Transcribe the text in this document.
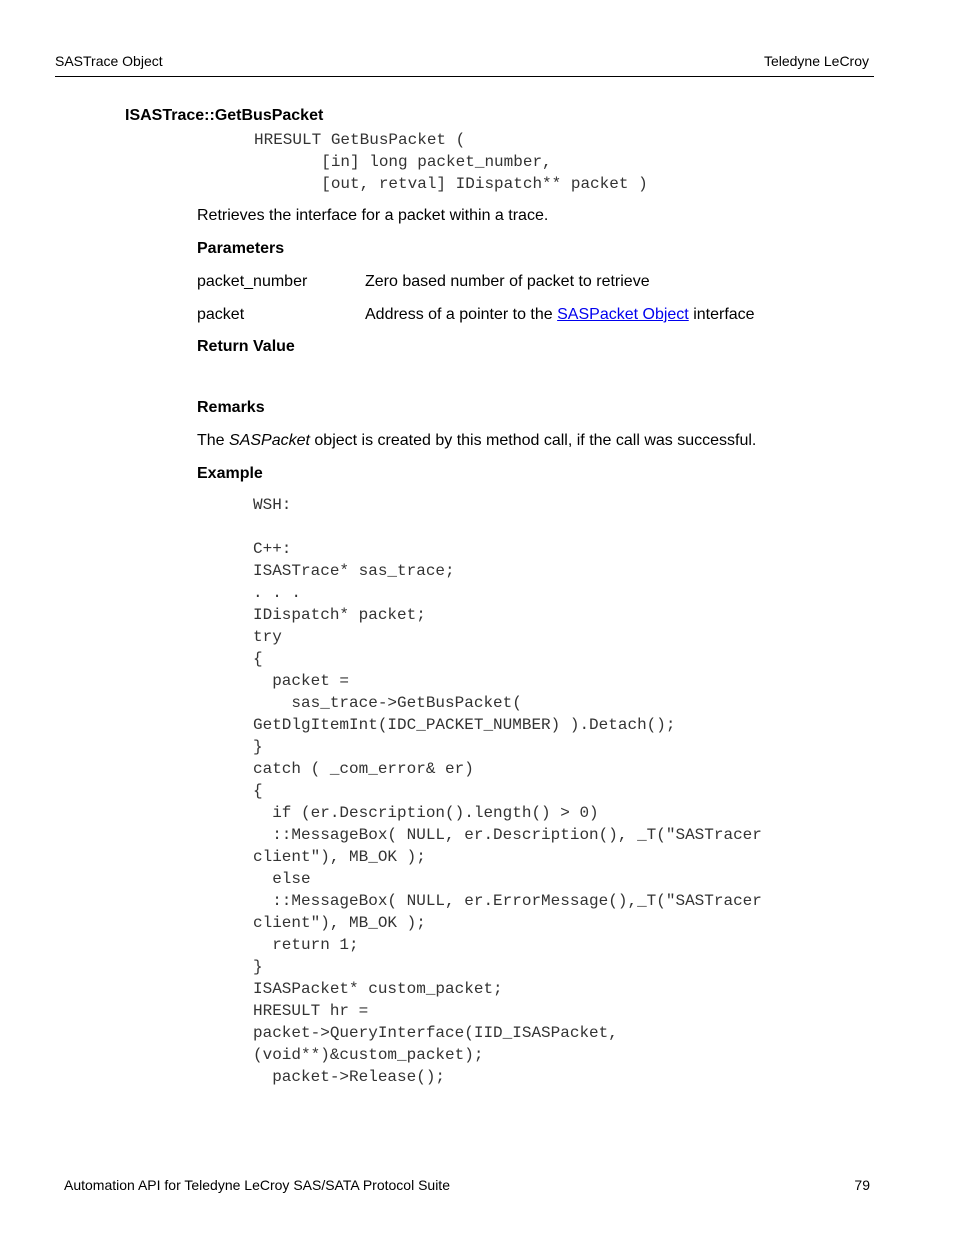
SASTrace Object	Teledyne LeCroy
ISASTrace::GetBusPacket
HRESULT GetBusPacket (
[in] long packet_number,
[out, retval] IDispatch** packet )
Retrieves the interface for a packet within a trace.
Parameters
packet_number	Zero based number of packet to retrieve
packet	Address of a pointer to the SASPacket Object interface
Return Value
Remarks
The SASPacket object is created by this method call, if the call was successful.
Example
WSH:

C++:
ISASTrace* sas_trace;
. . .
IDispatch* packet;
try
{
packet =
sas_trace->GetBusPacket(
GetDlgItemInt(IDC_PACKET_NUMBER) ).Detach();
}
catch ( _com_error& er)
{
if (er.Description().length() > 0)
::MessageBox( NULL, er.Description(), _T("SASTracer
client"), MB_OK );
else
::MessageBox( NULL, er.ErrorMessage(),_T("SASTracer
client"), MB_OK );
return 1;
}
ISASPacket* custom_packet;
HRESULT hr =
packet->QueryInterface(IID_ISASPacket,
(void**)&custom_packet);
packet->Release();
Automation API for Teledyne LeCroy SAS/SATA Protocol Suite	79
